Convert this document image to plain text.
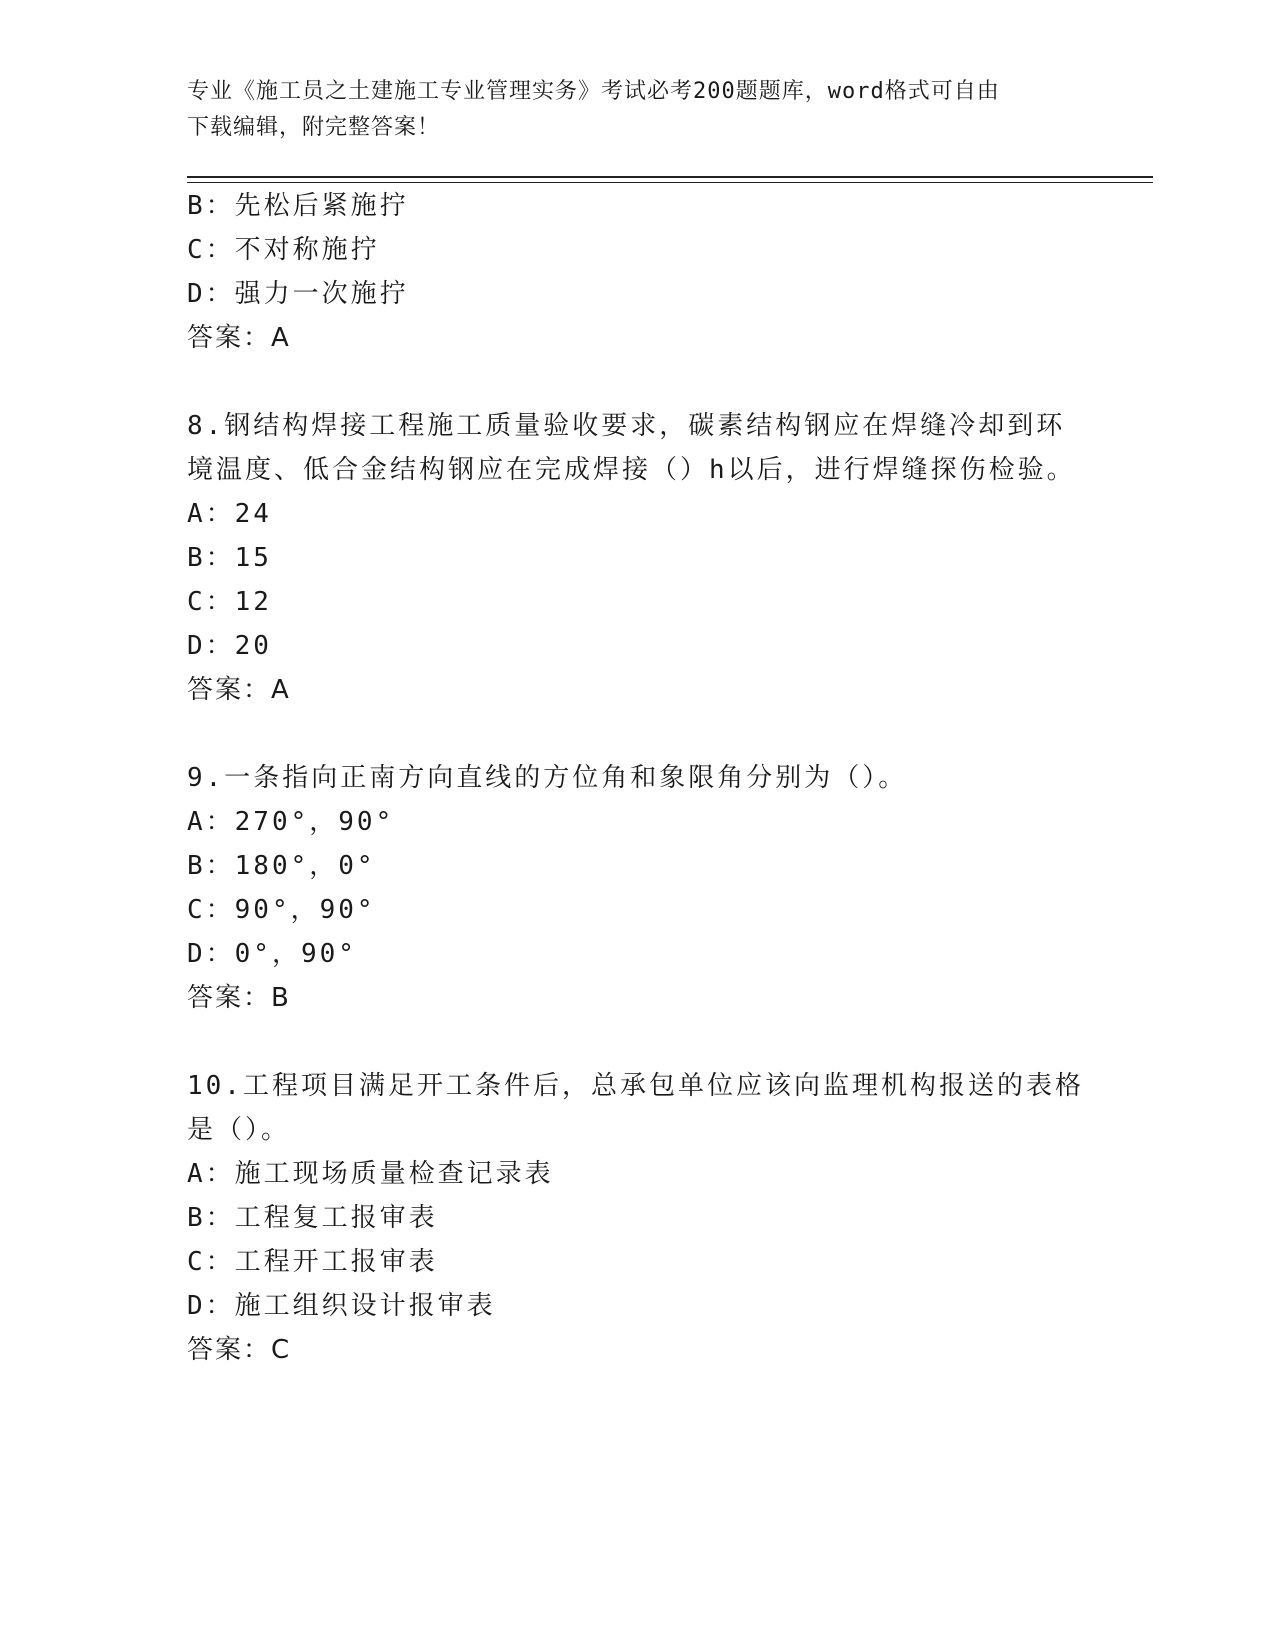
专业《施工员之土建施工专业管理实务》考试必考200题题库，word格式可自由
下载编辑，附完整答案！
B：先松后紧施拧
C：不对称施拧
D：强力一次施拧
答案：A
8.钢结构焊接工程施工质量验收要求，碳素结构钢应在焊缝冷却到环
境温度、低合金结构钢应在完成焊接（）h以后，进行焊缝探伤检验。
A：24
B：15
C：12
D：20
答案：A
9.一条指向正南方向直线的方位角和象限角分别为（）。
A：270°，90°
B：180°，0°
C：90°，90°
D：0°，90°
答案：B
10.工程项目满足开工条件后，总承包单位应该向监理机构报送的表格
是（）。
A：施工现场质量检查记录表
B：工程复工报审表
C：工程开工报审表
D：施工组织设计报审表
答案：C
